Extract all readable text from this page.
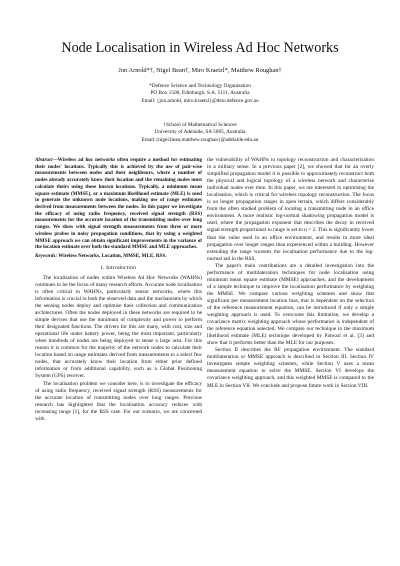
Node Localisation in Wireless Ad Hoc Networks
Jon Arnold*†, Nigel Bean†, Miro Kraetzl*, Matthew Roughan†
*Defence Science and Technology Organisation
PO Box 1500, Edinburgh, S.A. 5111, Australia
Email: {jon.arnold, miro.kraetzl}@dsto.defence.gov.au
†School of Mathematical Sciences
University of Adelaide, SA 5005, Australia
Email:{nigel.bean,matthew.roughan}@adelaide.edu.au
Abstract—Wireless ad hoc networks often require a method for estimating their nodes' locations. Typically this is achieved by the use of pair-wise measurements between nodes and their neighbours, where a number of nodes already accurately know their location and the remaining nodes must calculate theirs using these known locations. Typically, a minimum mean square estimate (MMSE), or a maximum likelihood estimate (MLE) is used to generate the unknown node locations, making use of range estimates derived from measurements between the nodes. In this paper we investigate the efficacy of using radio frequency, received signal strength (RSS) measurements for the accurate location of the transmitting nodes over long ranges. We show with signal strength measurements from three or more wireless probes in noisy propagation conditions, that by using a weighted MMSE approach we can obtain significant improvements in the variance of the location estimate over both the standard MMSE and MLE approaches.
Keywords: Wireless Networks, Location, MMSE, MLE, RSS.
I. Introduction

The localisation of nodes within Wireless Ad Hoc Networks (WAHNs) continues to be the focus of many research efforts. Accurate node localisation is often critical in WAHNs, particularly sensor networks, where this information is crucial to both the observed data and the mechanisms by which the sensing nodes deploy and optimise their collection and communication architectures. Often the nodes deployed in these networks are required to be simple devices that use the minimum of complexity and power to perform their designated functions. The drivers for this are many, with cost, size and operational life under battery power, being the most important, particularly when hundreds of nodes are being deployed to sense a large area. For this reason it is common for the majority of the network nodes to calculate their location based on range estimates derived from measurements to a select few nodes, that accurately know their location from either prior defined information or from additional capability, such as a Global Positioning System (GPS) receiver.

The localisation problem we consider here, is to investigate the efficacy of using radio frequency, received signal strength (RSS) measurements for the accurate location of transmitting nodes over long ranges. Previous research has highlighted that the localisation accuracy reduces with increasing range [1], for the RSS case. For our scenario, we are concerned with

the vulnerability of WAHNs to topology reconstruction and characterisation in a military sense. In a previous paper [2], we showed that for an overly simplified propagation model it is possible to approximately reconstruct both the physical and logical topology of a wireless network and characterise individual nodes over time. In this paper, we are interested in optimising the localisation, which is critical for wireless topology reconstruction. The focus is on longer propagation ranges in open terrain, which differs considerably from the often studied problem of locating a transmitting node in an office environment. A more realistic log-normal shadowing propagation model is used, where the propagation exponent that describes the decay in received signal strength proportional to range is set to n = 2. This is significantly lower than the value used in an office environment, and results in more ideal propagation over longer ranges than experienced within a building. However extending the range worsens the localisation performance due to the log-normal tail in the RSS.

The paper's main contributions are a detailed investigation into the performance of multilateration techniques for node localisation using minimum mean square estimate (MMSE) approaches, and the development of a simple technique to improve the localisation performance by weighting the MMSE. We compare various weighting schemes and show that significant per measurement location bias, that is dependent on the selection of the reference measurement equation, can be introduced if only a simple weighting approach is used. To overcome this limitation, we develop a covariance matrix weighting approach whose performance is independent of the reference equation selected. We compare our technique to the maximum likelihood estimate (MLE) technique developed by Patwari et al. [3] and show that it performs better than the MLE for our purposes.

Section II describes the RF propagation environment. The standard multilateration or MMSE approach is described in Section III. Section IV investigates simple weighting schemes, while Section V uses a mean measurement equation to solve the MMSE. Section VI develops the covariance weighting approach, and this weighted MMSE is compared to the MLE in Section VII. We conclude and propose future work in Section VIII.
